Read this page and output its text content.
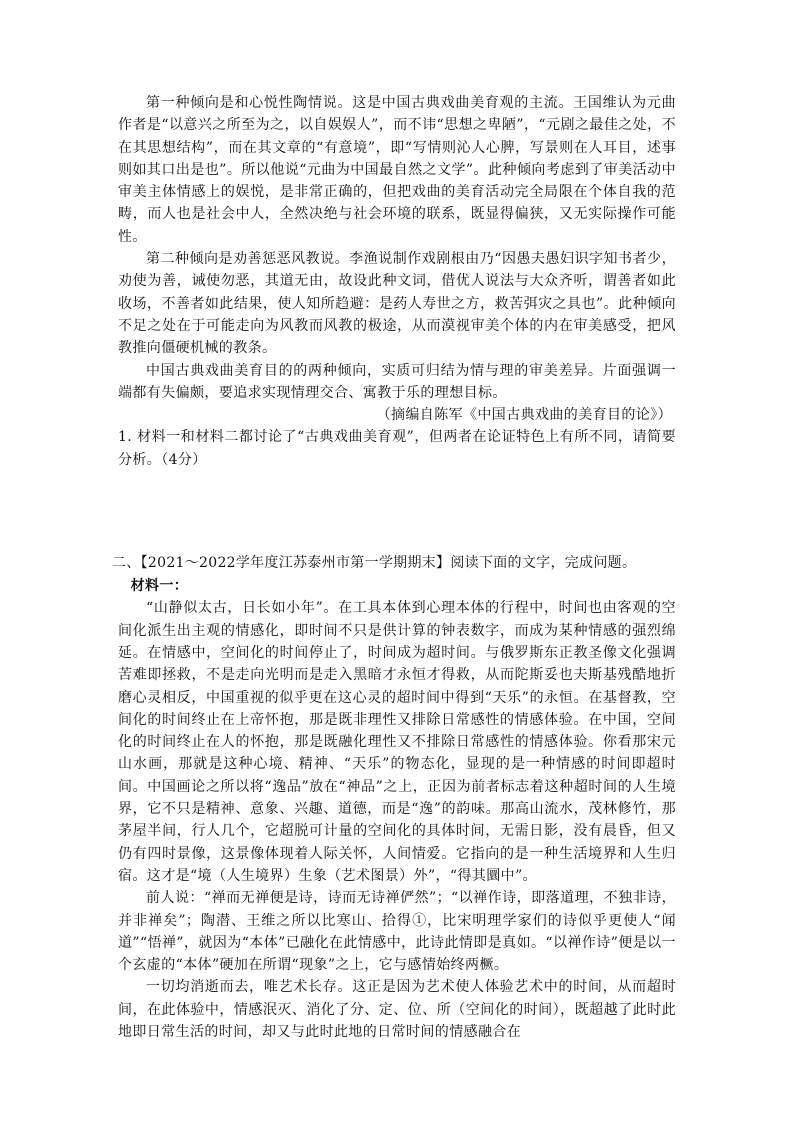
第一种倾向是和心悦性陶情说。这是中国古典戏曲美育观的主流。王国维认为元曲作者是“以意兴之所至为之，以自娱娱人”，而不讳“思想之卑陋”，“元剧之最佳之处，不在其思想结构”，而在其文章的“有意境”，即“写情则沁人心脾，写景则在人耳目，述事则如其口出是也”。所以他说“元曲为中国最自然之文学”。此种倾向考虑到了审美活动中审美主体情感上的娱悦，是非常正确的，但把戏曲的美育活动完全局限在个体自我的范畴，而人也是社会中人，全然决绝与社会环境的联系，既显得偏狭，又无实际操作可能性。

第二种倾向是劝善惩恶风教说。李渔说制作戏剧根由乃“因愚夫愚妇识字知书者少，劝使为善，诫使勿恶，其道无由，故设此种文词，借优人说法与大众齐听，谓善者如此收场，不善者如此结果，使人知所趋避：是药人寿世之方，救苦弭灾之具也”。此种倾向不足之处在于可能走向为风教而风教的极途，从而漠视审美个体的内在审美感受，把风教推向僵硬机械的教条。

中国古典戏曲美育目的的两种倾向，实质可归结为情与理的审美差异。片面强调一端都有失偏颇，要追求实现情理交合、寓教于乐的理想目标。

（摘编自陈军《中国古典戏曲的美育目的论》）

1. 材料一和材料二都讨论了“古典戏曲美育观”，但两者在论证特色上有所不同，请简要分析。（4分）

二、【2021～2022学年度江苏泰州市第一学期期末】阅读下面的文字，完成问题。

材料一：

“山静似太古，日长如小年”。在工具本体到心理本体的行程中，时间也由客观的空间化派生出主观的情感化，即时间不只是供计算的钟表数字，而成为某种情感的强烈绵延。在情感中，空间化的时间停止了，时间成为超时间。与俄罗斯东正教圣像文化强调苦难即拯救，不是走向光明而是走入黑暗才永恒才得救，从而陀斯妥也夫斯基残酷地折磨心灵相反，中国重视的似乎更在这心灵的超时间中得到“天乐”的永恒。在基督教，空间化的时间终止在上帝怀抱，那是既非理性又排除日常感性的情感体验。在中国，空间化的时间终止在人的怀抱，那是既融化理性又不排除日常感性的情感体验。你看那宋元山水画，那就是这种心境、精神、“天乐”的物态化，显现的是一种情感的时间即超时间。中国画论之所以将“逸品”放在“神品”之上，正因为前者标志着这种超时间的人生境界，它不只是精神、意象、兴趣、道德，而是“逸”的韵味。那高山流水，茂林修竹，那茅屋半间，行人几个，它超脱可计量的空间化的具体时间，无需日影，没有晨昏，但又仍有四时景像，这景像体现着人际关怀，人间情爱。它指向的是一种生活境界和人生归宿。这才是“境（人生境界）生象（艺术图景）外”，“得其圜中”。

前人说：“禅而无禅便是诗，诗而无诗禅俨然”；“以禅作诗，即落道理，不独非诗，并非禅矣”；陶潜、王维之所以比寒山、拾得①，比宋明理学家们的诗似乎更使人“闻道”“悟禅”，就因为“本体”已融化在此情感中，此诗此情即是真如。“以禅作诗”便是以一个玄虚的“本体”硬加在所谓“现象”之上，它与感情始终两橛。

一切均消逝而去，唯艺术长存。这正是因为艺术使人体验艺术中的时间，从而超时间，在此体验中，情感泯灭、消化了分、定、位、所（空间化的时间），既超越了此时此地即日常生活的时间，却又与此时此地的日常时间的情感融合在
